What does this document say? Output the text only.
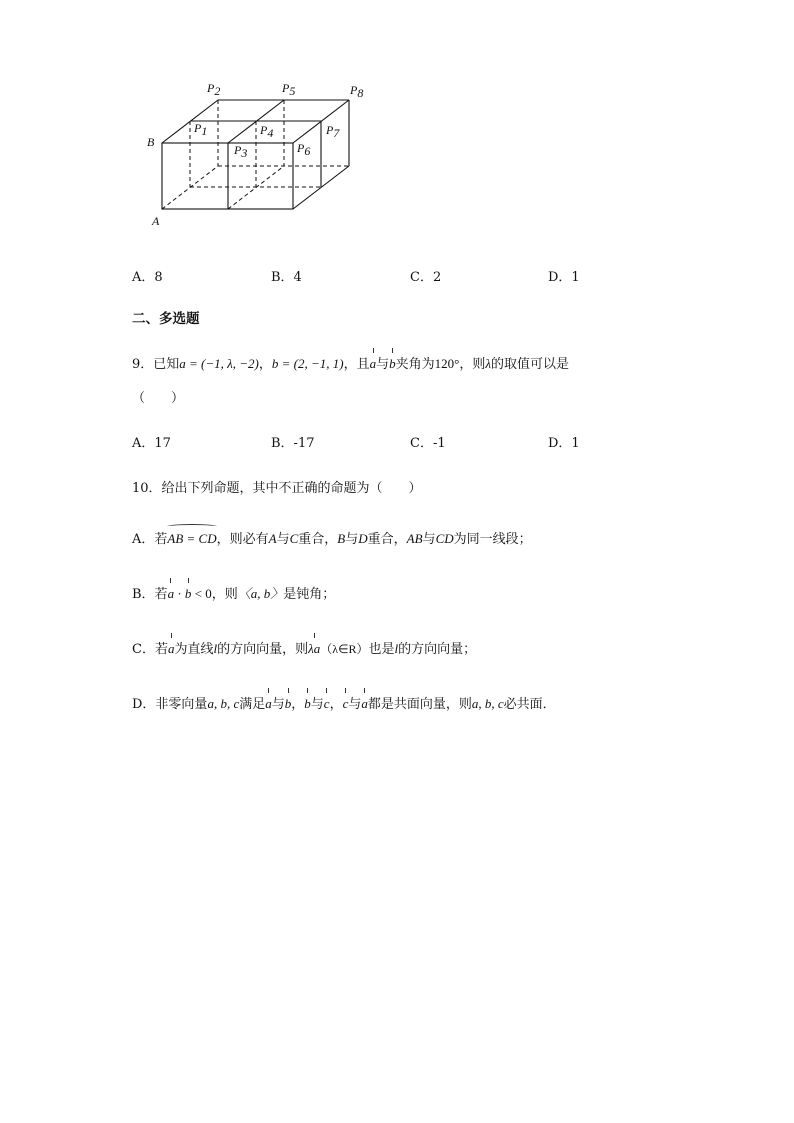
P2	P5	P8
P1	P4	P7
B
P3	P6
A
A．8	B．4	C．2	D．1
二、多选题
9．已知a = (−1, λ, −2)，b = (2, −1, 1)，且a与b夹角为120°，则λ的取值可以是
（　　）
A．17	B．-17	C．-1	D．1
10．给出下列命题，其中不正确的命题为（　　）
A．若AB = CD，则必有A与C重合，B与D重合，AB与CD为同一线段；
B．若a · b < 0，则〈a, b〉是钝角；
C．若a为直线l的方向向量，则λa（λ∈R）也是l的方向向量；
D．非零向量a, b, c满足a与b，b与c，c与a都是共面向量，则a, b, c必共面．
